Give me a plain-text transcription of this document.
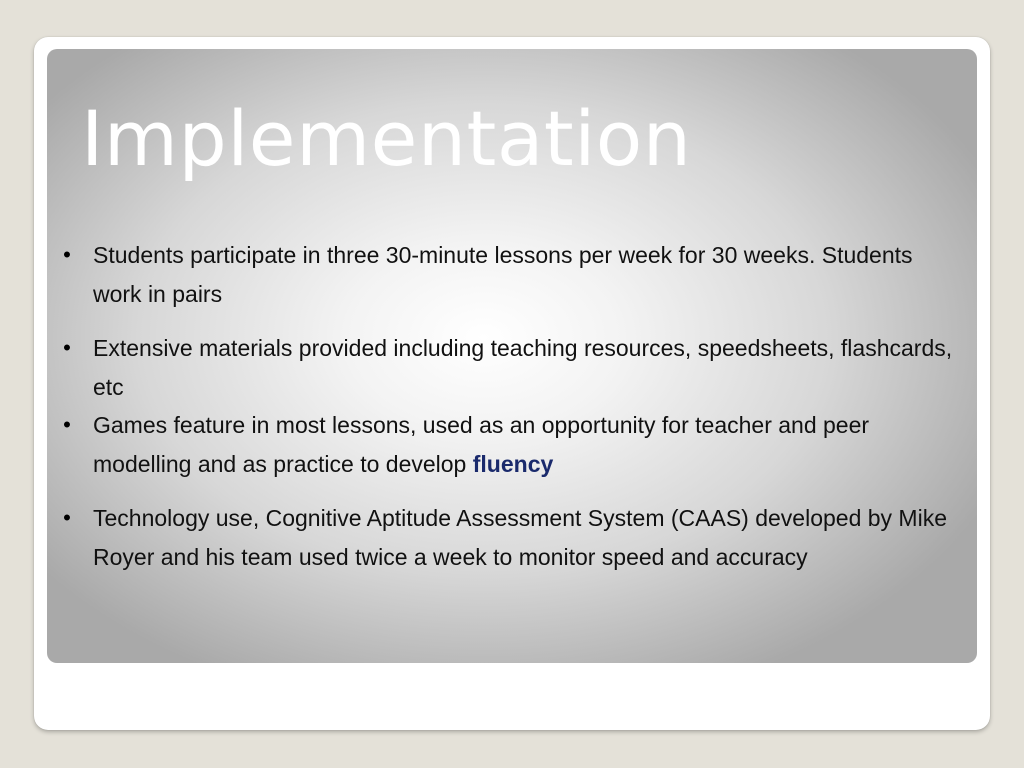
Implementation
• Students participate in three 30-minute lessons per week for 30 weeks. Students work in pairs
• Extensive materials provided including teaching resources, speedsheets, flashcards, etc
• Games feature in most lessons, used as an opportunity for teacher and peer modelling and as practice to develop fluency
• Technology use, Cognitive Aptitude Assessment System (CAAS) developed by Mike Royer and his team used twice a week to monitor speed and accuracy
